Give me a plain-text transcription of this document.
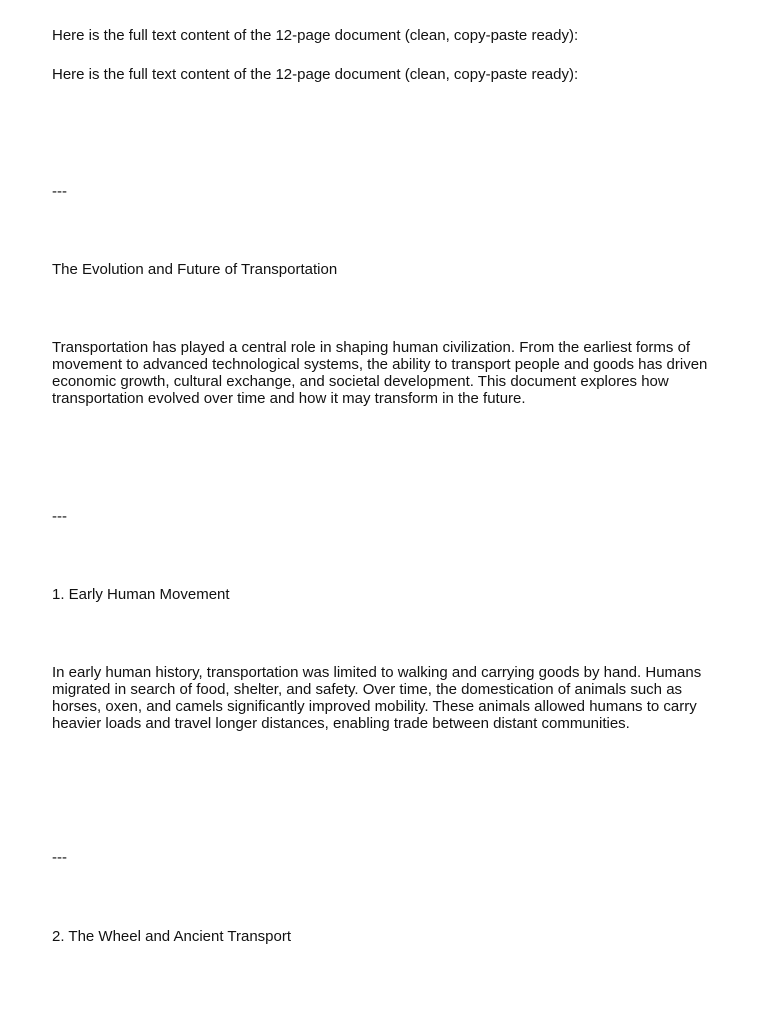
Here is the full text content of the 12-page document (clean, copy-paste ready):

Here is the full text content of the 12-page document (clean, copy-paste ready):

---

The Evolution and Future of Transportation

Transportation has played a central role in shaping human civilization. From the earliest forms of movement to advanced technological systems, the ability to transport people and goods has driven economic growth, cultural exchange, and societal development. This document explores how transportation evolved over time and how it may transform in the future.

---

1. Early Human Movement

In early human history, transportation was limited to walking and carrying goods by hand. Humans migrated in search of food, shelter, and safety. Over time, the domestication of animals such as horses, oxen, and camels significantly improved mobility. These animals allowed humans to carry heavier loads and travel longer distances, enabling trade between distant communities.

---

2. The Wheel and Ancient Transport
